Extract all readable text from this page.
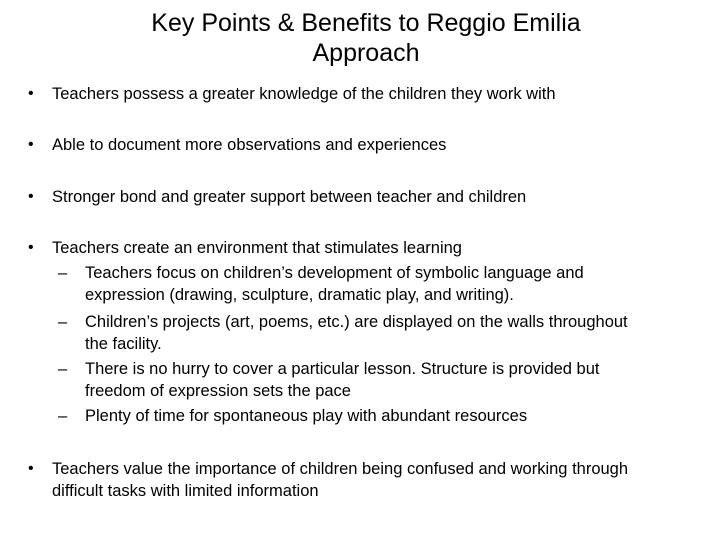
Key Points & Benefits to Reggio Emilia
Approach
• Teachers possess a greater knowledge of the children they work with
• Able to document more observations and experiences
• Stronger bond and greater support between teacher and children
• Teachers create an environment that stimulates learning
– Teachers focus on children’s development of symbolic language and
expression (drawing, sculpture, dramatic play, and writing).
– Children’s projects (art, poems, etc.) are displayed on the walls throughout
the facility.
– There is no hurry to cover a particular lesson. Structure is provided but
freedom of expression sets the pace
– Plenty of time for spontaneous play with abundant resources
• Teachers value the importance of children being confused and working through
difficult tasks with limited information
